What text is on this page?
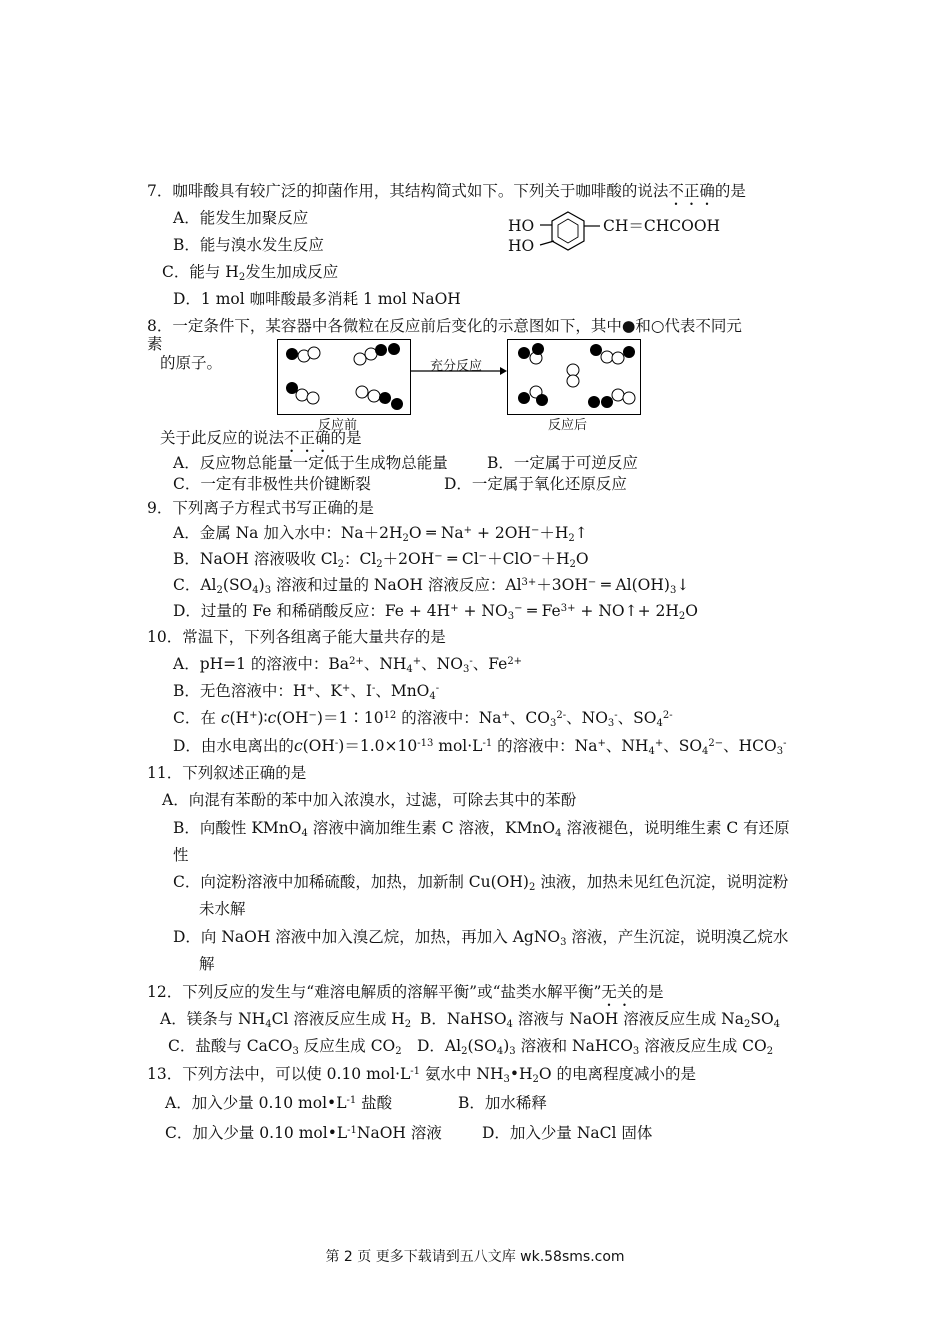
7．咖啡酸具有较广泛的抑菌作用，其结构简式如下。下列关于咖啡酸的说法不正确的是
A．能发生加聚反应
B．能与溴水发生反应
C．能与 $H_2$发生加成反应
D．1 mol 咖啡酸最多消耗 1 mol NaOH
HO
HO
CH＝CHCOOH
8．一定条件下，某容器中各微粒在反应前后变化的示意图如下，其中●和○代表不同元
素
的原子。	充分反应
反应前	反应后
关于此反应的说法不正确的是
A．反应物总能量一定低于生成物总能量	B．一定属于可逆反应
C．一定有非极性共价键断裂	D．一定属于氧化还原反应
9．下列离子方程式书写正确的是
A．金属 Na 加入水中：$Na+2H_2O$ ═ $Na^+ + 2OH^-+H_2↑$
B．NaOH 溶液吸收 $Cl_2$：$Cl_2+2OH^-$ ═ $Cl^-+ClO^-+H_2O$
C．$Al_2(SO_4)_3$ 溶液和过量的 NaOH 溶液反应：$Al^{3+}+3OH^-$ ═ $Al(OH)_3↓$
D．过量的 Fe 和稀硝酸反应：$Fe + 4H^+ + NO_3^-$ ═ $Fe^{3+}$ + NO↑+ $2H_2O$
10．常温下，下列各组离子能大量共存的是
A．pH=1 的溶液中：$Ba^{2+}$、$NH_4^+$、$NO_3^-$、$Fe^{2+}$
B．无色溶液中：H+、K+、I-、MnO$_4$-
C．在 $c(H^+)∶c(OH^-)=1∶10^{12}$ 的溶液中：Na+、$CO_3^{2-}$、$NO_3^-$、$SO_4^{2-}$
D．由水电离出的$c(OH^-)=1.0\times 10^{-13}$ $mol\cdot L^{-1}$ 的溶液中：Na+、$NH_4^+$、$SO_4^{2-}$、$HCO_3^-$
11．下列叙述正确的是
A．向混有苯酚的苯中加入浓溴水，过滤，可除去其中的苯酚
B．向酸性 KMnO$_4$ 溶液中滴加维生素 C 溶液，KMnO$_4$ 溶液褪色，说明维生素 C 有还原
性
C．向淀粉溶液中加稀硫酸，加热，加新制 $Cu(OH)_2$ 浊液，加热未见红色沉淀，说明淀粉
未水解
D．向 NaOH 溶液中加入溴乙烷，加热，再加入 AgNO$_3$ 溶液，产生沉淀，说明溴乙烷水
解
12．下列反应的发生与“难溶电解质的溶解平衡”或“盐类水解平衡”无关的是
A．镁条与 $NH_4Cl$ 溶液反应生成 $H_2$ B．NaHSO$_4$ 溶液与 NaOH 溶液反应生成 $Na_2SO_4$
C．盐酸与 CaCO$_3$ 反应生成 $CO_2$ D．$Al_2(SO_4)_3$ 溶液和 NaHCO$_3$ 溶液反应生成 $CO_2$
13．下列方法中，可以使 0.10 $mol\cdot L^{-1}$ 氨水中 $NH_3•H_2O$ 的电离程度减小的是
A．加入少量 0.10 $mol•L^{-1}$ 盐酸	B．加水稀释
C．加入少量 0.10 $mol•L^{-1}NaOH$ 溶液	D．加入少量 NaCl 固体
第 2 页 更多下载请到五八文库 wk.58sms.com
